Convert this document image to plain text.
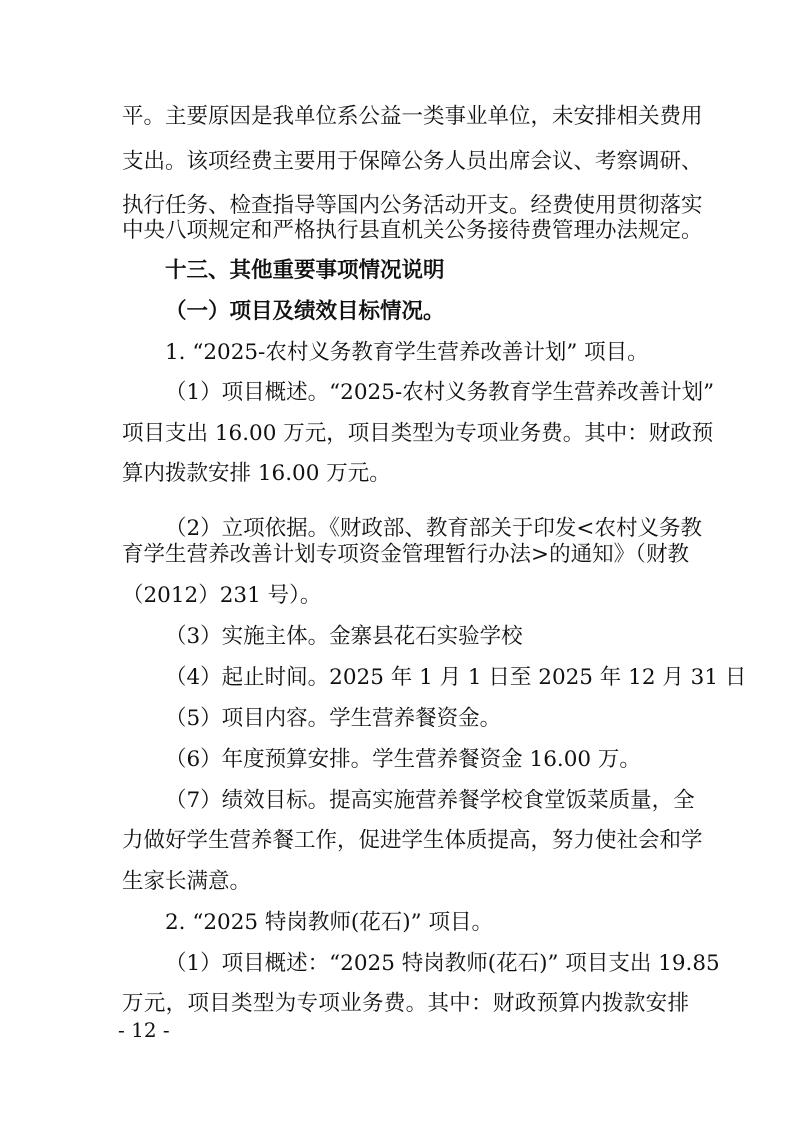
平。主要原因是我单位系公益一类事业单位，未安排相关费用
支出。该项经费主要用于保障公务人员出席会议、考察调研、
执行任务、检查指导等国内公务活动开支。经费使用贯彻落实
中央八项规定和严格执行县直机关公务接待费管理办法规定。
十三、其他重要事项情况说明
（一）项目及绩效目标情况。
1. “2025-农村义务教育学生营养改善计划” 项目。
（1）项目概述。“2025-农村义务教育学生营养改善计划”
项目支出 16.00 万元，项目类型为专项业务费。其中：财政预
算内拨款安排 16.00 万元。
（2）立项依据。《财政部、教育部关于印发<农村义务教
育学生营养改善计划专项资金管理暂行办法>的通知》（财教
（2012）231 号）。
（3）实施主体。金寨县花石实验学校
（4）起止时间。2025 年 1 月 1 日至 2025 年 12 月 31 日
（5）项目内容。学生营养餐资金。
（6）年度预算安排。学生营养餐资金 16.00 万。
（7）绩效目标。提高实施营养餐学校食堂饭菜质量，全
力做好学生营养餐工作，促进学生体质提高，努力使社会和学
生家长满意。
2. “2025 特岗教师(花石)” 项目。
（1）项目概述：“2025 特岗教师(花石)” 项目支出 19.85
万元，项目类型为专项业务费。其中：财政预算内拨款安排
- 12 -
